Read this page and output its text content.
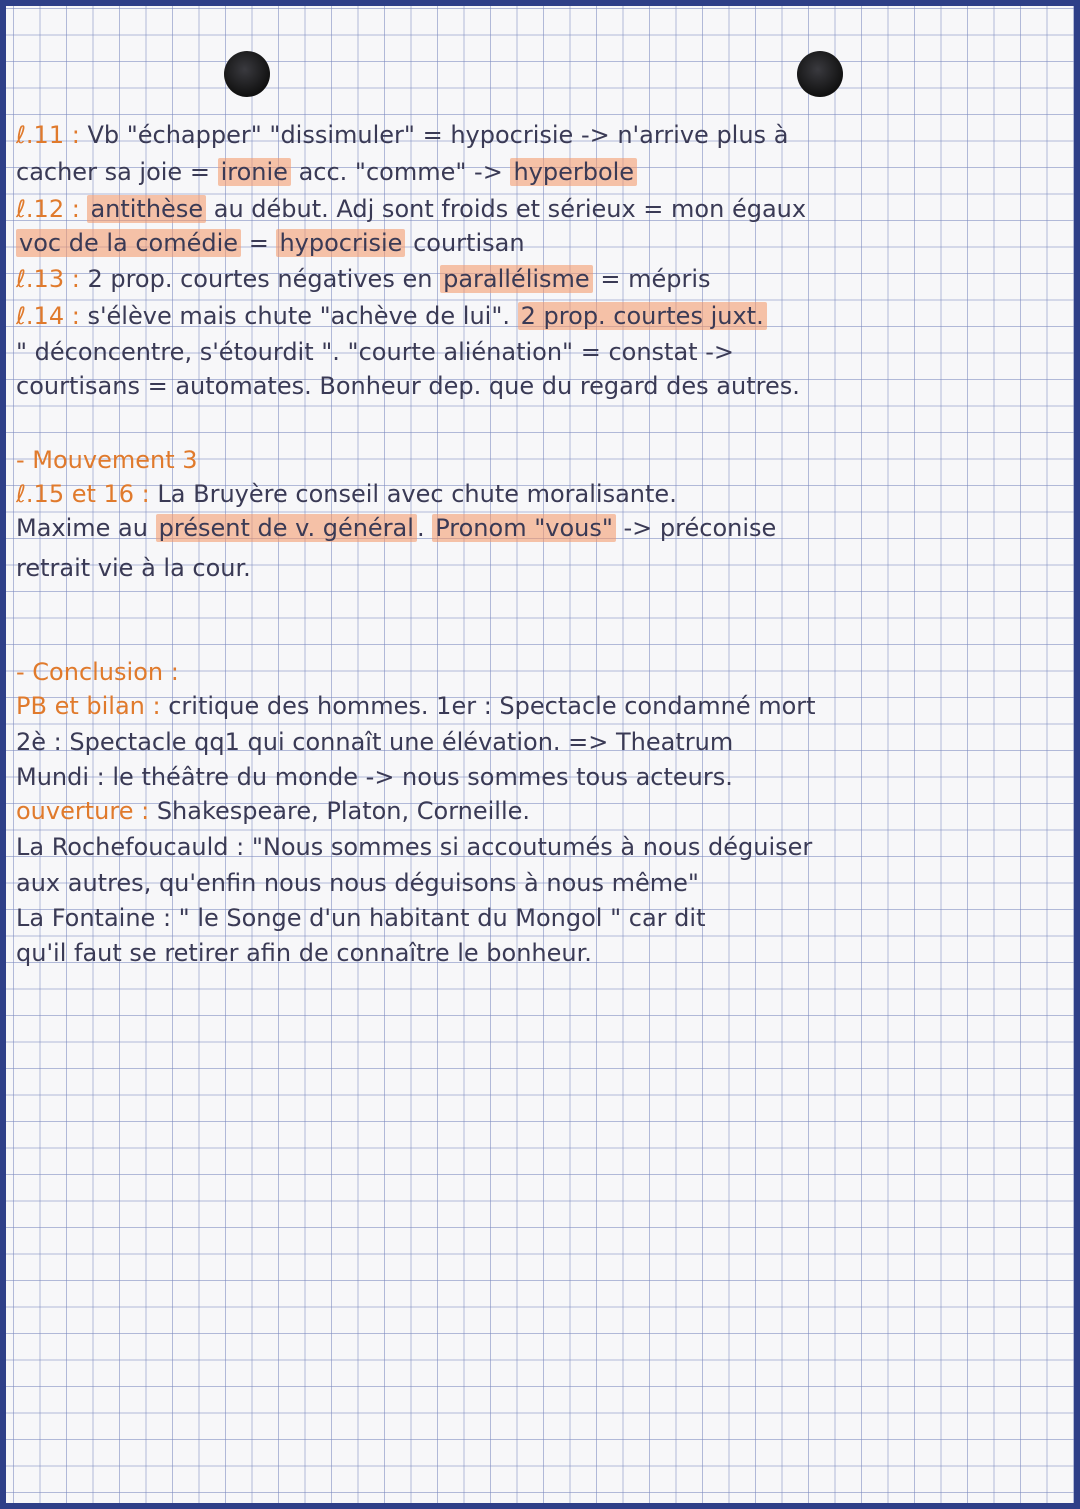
ℓ.11 : Vb "échapper" "dissimuler" = hypocrisie -> n'arrive plus à
cacher sa joie = ironie acc. "comme" -> hyperbole
ℓ.12 : antithèse au début. Adj sont froids et sérieux = mon égaux
voc de la comédie = hypocrisie courtisan
ℓ.13 : 2 prop. courtes négatives en parallélisme = mépris
ℓ.14 : s'élève mais chute "achève de lui". 2 prop. courtes juxt.
" déconcentre, s'étourdit ". "courte aliénation" = constat ->
courtisans = automates. Bonheur dep. que du regard des autres.
- Mouvement 3
ℓ.15 et 16 : La Bruyère conseil avec chute moralisante.
Maxime au présent de v. général . Pronom "vous" -> préconise
retrait vie à la cour.
- Conclusion :
PB et bilan : critique des hommes. 1er : Spectacle condamné mort
2è : Spectacle qq1 qui connaît une élévation. => Theatrum
Mundi : le théâtre du monde -> nous sommes tous acteurs.
ouverture : Shakespeare, Platon, Corneille.
La Rochefoucauld : "Nous sommes si accoutumés à nous déguiser
aux autres, qu'enfin nous nous déguisons à nous même"
La Fontaine : " le Songe d'un habitant du Mongol " car dit
qu'il faut se retirer afin de connaître le bonheur.
